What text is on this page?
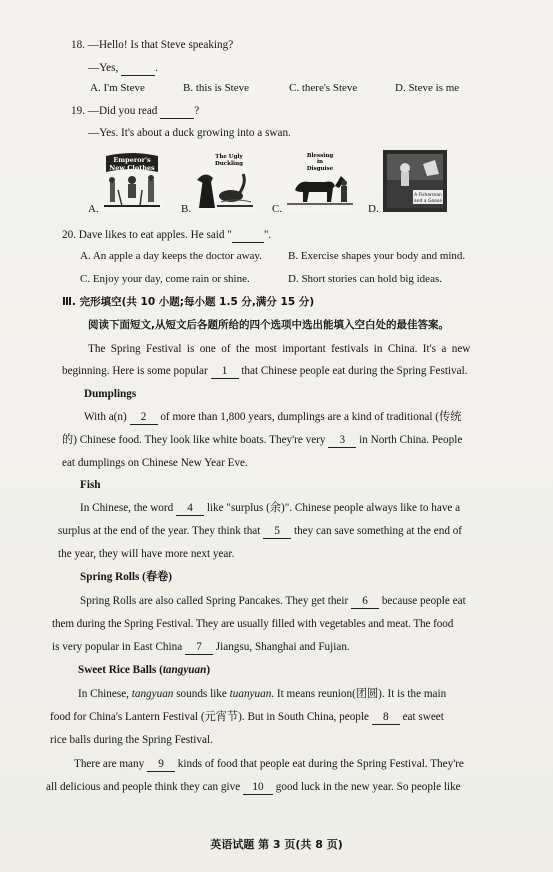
18. —Hello! Is that Steve speaking?
—Yes,	.
A. I'm Steve	B. this is Steve	C. there's Steve	D. Steve is me
19. —Did you read	?
—Yes. It's about a duck growing into a swan.
A.
Emperor's
New Clothes
B.
The Ugly
Duckling
C.
Blessing
in
Disguise
D.
A Fisherman
and a Goose
20. Dave likes to eat apples. He said "	".
A. An apple a day keeps the doctor away. B. Exercise shapes your body and mind.
C. Enjoy your day, come rain or shine.	D. Short stories can hold big ideas.
Ⅲ. 完形填空(共 10 小题;每小题 1.5 分,满分 15 分)
阅读下面短文,从短文后各题所给的四个选项中选出能填入空白处的最佳答案。
The Spring Festival is one of the most important festivals in China. It's a new
beginning. Here is some popular 1 that Chinese people eat during the Spring Festival.
Dumplings
With a(n) 2 of more than 1,800 years, dumplings are a kind of traditional (传统
的) Chinese food. They look like white boats. They're very 3 in North China. People
eat dumplings on Chinese New Year Eve.
Fish
In Chinese, the word 4 like "surplus (余)". Chinese people always like to have a
surplus at the end of the year. They think that 5 they can save something at the end of
the year, they will have more next year.
Spring Rolls (春卷)
Spring Rolls are also called Spring Pancakes. They get their 6 because people eat
them during the Spring Festival. They are usually filled with vegetables and meat. The food
is very popular in East China 7 Jiangsu, Shanghai and Fujian.
Sweet Rice Balls (tangyuan)
In Chinese, tangyuan sounds like tuanyuan. It means reunion(团圆). It is the main
food for China's Lantern Festival (元宵节). But in South China, people 8 eat sweet
rice balls during the Spring Festival.
There are many 9 kinds of food that people eat during the Spring Festival. They're
all delicious and people think they can give 10 good luck in the new year. So people like
英语试题 第 3 页(共 8 页)
